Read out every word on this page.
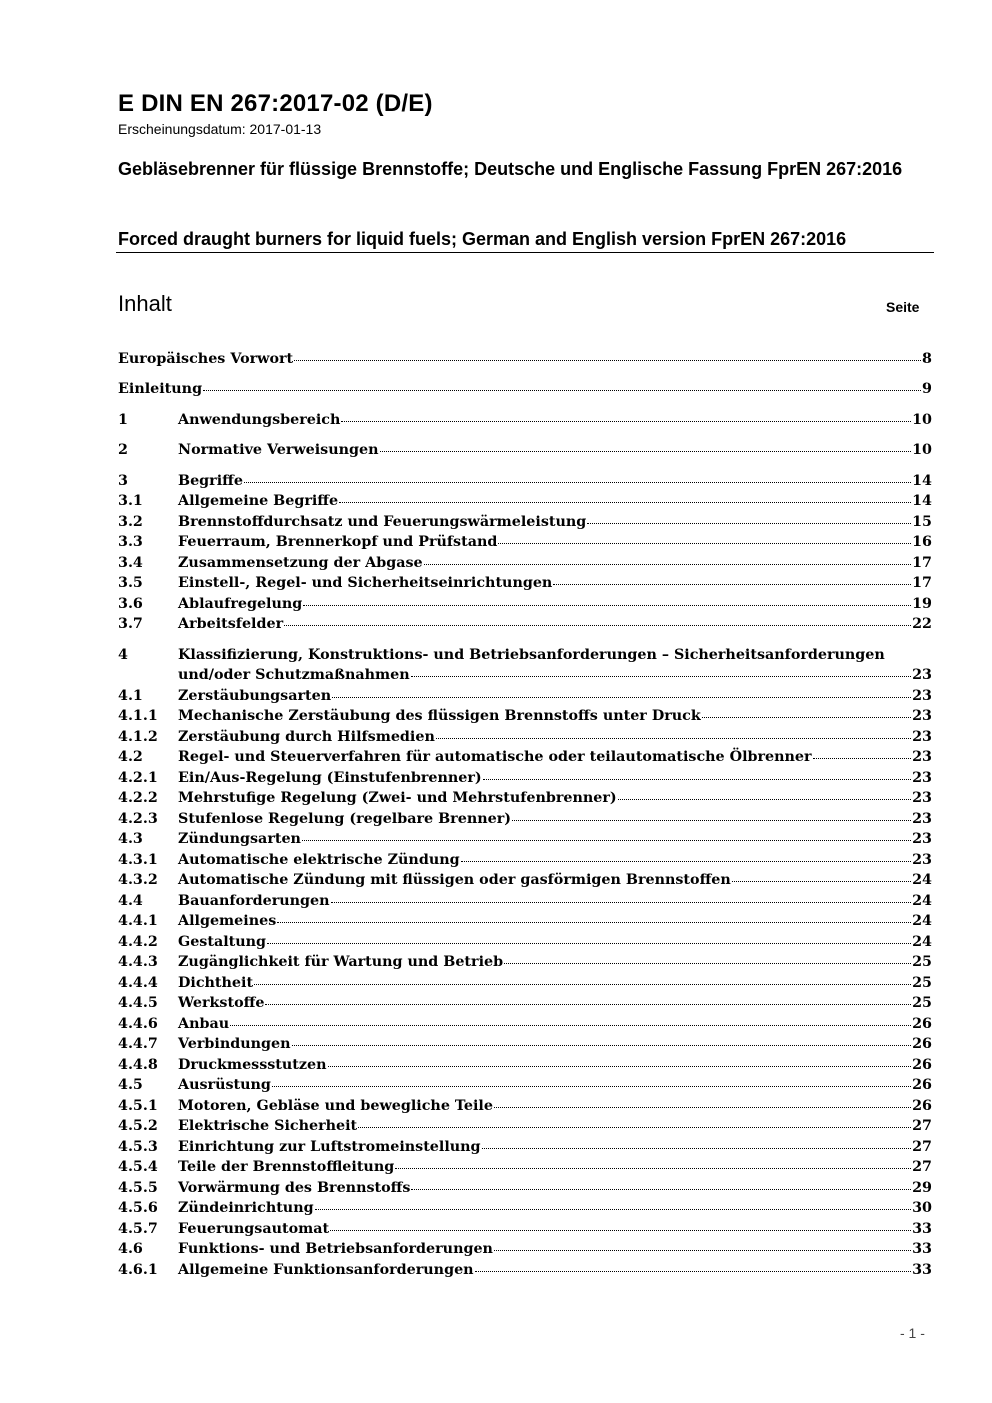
E DIN EN 267:2017-02 (D/E)
Erscheinungsdatum: 2017-01-13
Gebläsebrenner für flüssige Brennstoffe; Deutsche und Englische Fassung FprEN 267:2016
Forced draught burners for liquid fuels; German and English version FprEN 267:2016
Inhalt	Seite
Europäisches Vorwort	8
Einleitung	9
1	Anwendungsbereich	10
2	Normative Verweisungen	10
3	Begriffe	14
3.1 Allgemeine Begriffe	14
3.2 Brennstoffdurchsatz und Feuerungswärmeleistung	15
3.3 Feuerraum, Brennerkopf und Prüfstand	16
3.4 Zusammensetzung der Abgase	17
3.5 Einstell-, Regel- und Sicherheitseinrichtungen	17
3.6 Ablaufregelung	19
3.7 Arbeitsfelder	22
4	Klassifizierung, Konstruktions- und Betriebsanforderungen – Sicherheitsanforderungen
und/oder Schutzmaßnahmen	23
4.1 Zerstäubungsarten	23
4.1.1 Mechanische Zerstäubung des flüssigen Brennstoffs unter Druck	23
4.1.2 Zerstäubung durch Hilfsmedien	23
4.2 Regel- und Steuerverfahren für automatische oder teilautomatische Ölbrenner	23
4.2.1 Ein/Aus-Regelung (Einstufenbrenner)	23
4.2.2 Mehrstufige Regelung (Zwei- und Mehrstufenbrenner)	23
4.2.3 Stufenlose Regelung (regelbare Brenner)	23
4.3 Zündungsarten	23
4.3.1 Automatische elektrische Zündung	23
4.3.2 Automatische Zündung mit flüssigen oder gasförmigen Brennstoffen	24
4.4 Bauanforderungen	24
4.4.1 Allgemeines	24
4.4.2 Gestaltung	24
4.4.3 Zugänglichkeit für Wartung und Betrieb	25
4.4.4 Dichtheit	25
4.4.5 Werkstoffe	25
4.4.6 Anbau	26
4.4.7 Verbindungen	26
4.4.8 Druckmessstutzen	26
4.5 Ausrüstung	26
4.5.1 Motoren, Gebläse und bewegliche Teile	26
4.5.2 Elektrische Sicherheit	27
4.5.3 Einrichtung zur Luftstromeinstellung	27
4.5.4 Teile der Brennstoffleitung	27
4.5.5 Vorwärmung des Brennstoffs	29
4.5.6 Zündeinrichtung	30
4.5.7 Feuerungsautomat	33
4.6 Funktions- und Betriebsanforderungen	33
4.6.1 Allgemeine Funktionsanforderungen	33
- 1 -
